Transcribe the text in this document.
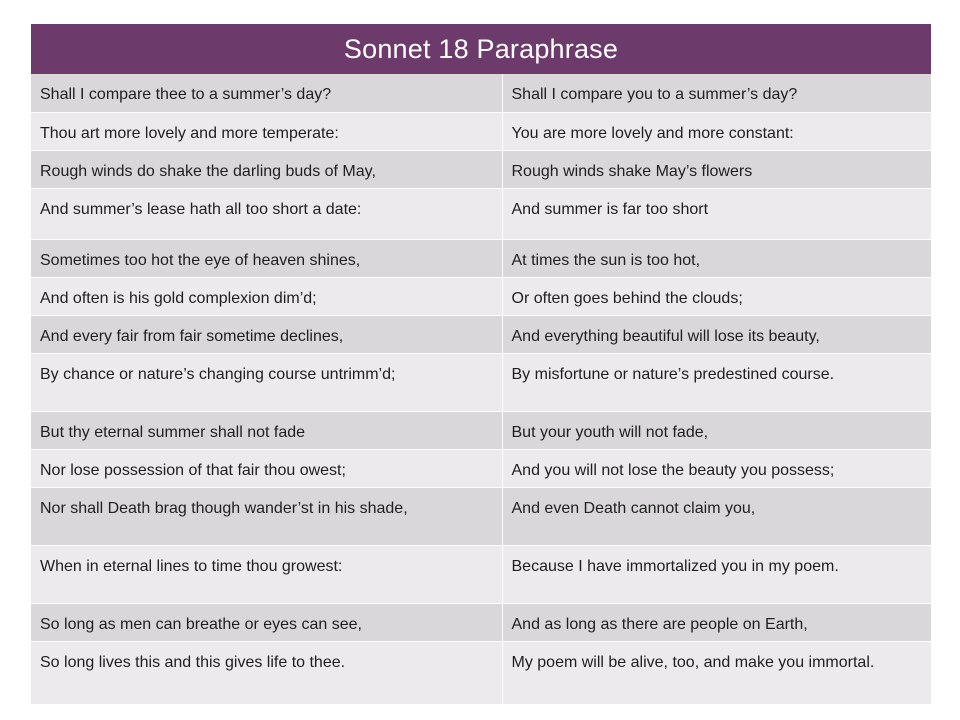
Sonnet 18 Paraphrase
Shall I compare thee to a summer’s day?	Shall I compare you to a summer’s day?
Thou art more lovely and more temperate:	You are more lovely and more constant:
Rough winds do shake the darling buds of May,	Rough winds shake May’s flowers
And summer’s lease hath all too short a date:	And summer is far too short
Sometimes too hot the eye of heaven shines,	At times the sun is too hot,
And often is his gold complexion dim’d;	Or often goes behind the clouds;
And every fair from fair sometime declines,	And everything beautiful will lose its beauty,
By chance or nature’s changing course untrimm’d;	By misfortune or nature’s predestined course.
But thy eternal summer shall not fade	But your youth will not fade,
Nor lose possession of that fair thou owest;	And you will not lose the beauty you possess;
Nor shall Death brag though wander’st in his shade,	And even Death cannot claim you,
When in eternal lines to time thou growest:	Because I have immortalized you in my poem.
So long as men can breathe or eyes can see,	And as long as there are people on Earth,
So long lives this and this gives life to thee.	My poem will be alive, too, and make you immortal.
